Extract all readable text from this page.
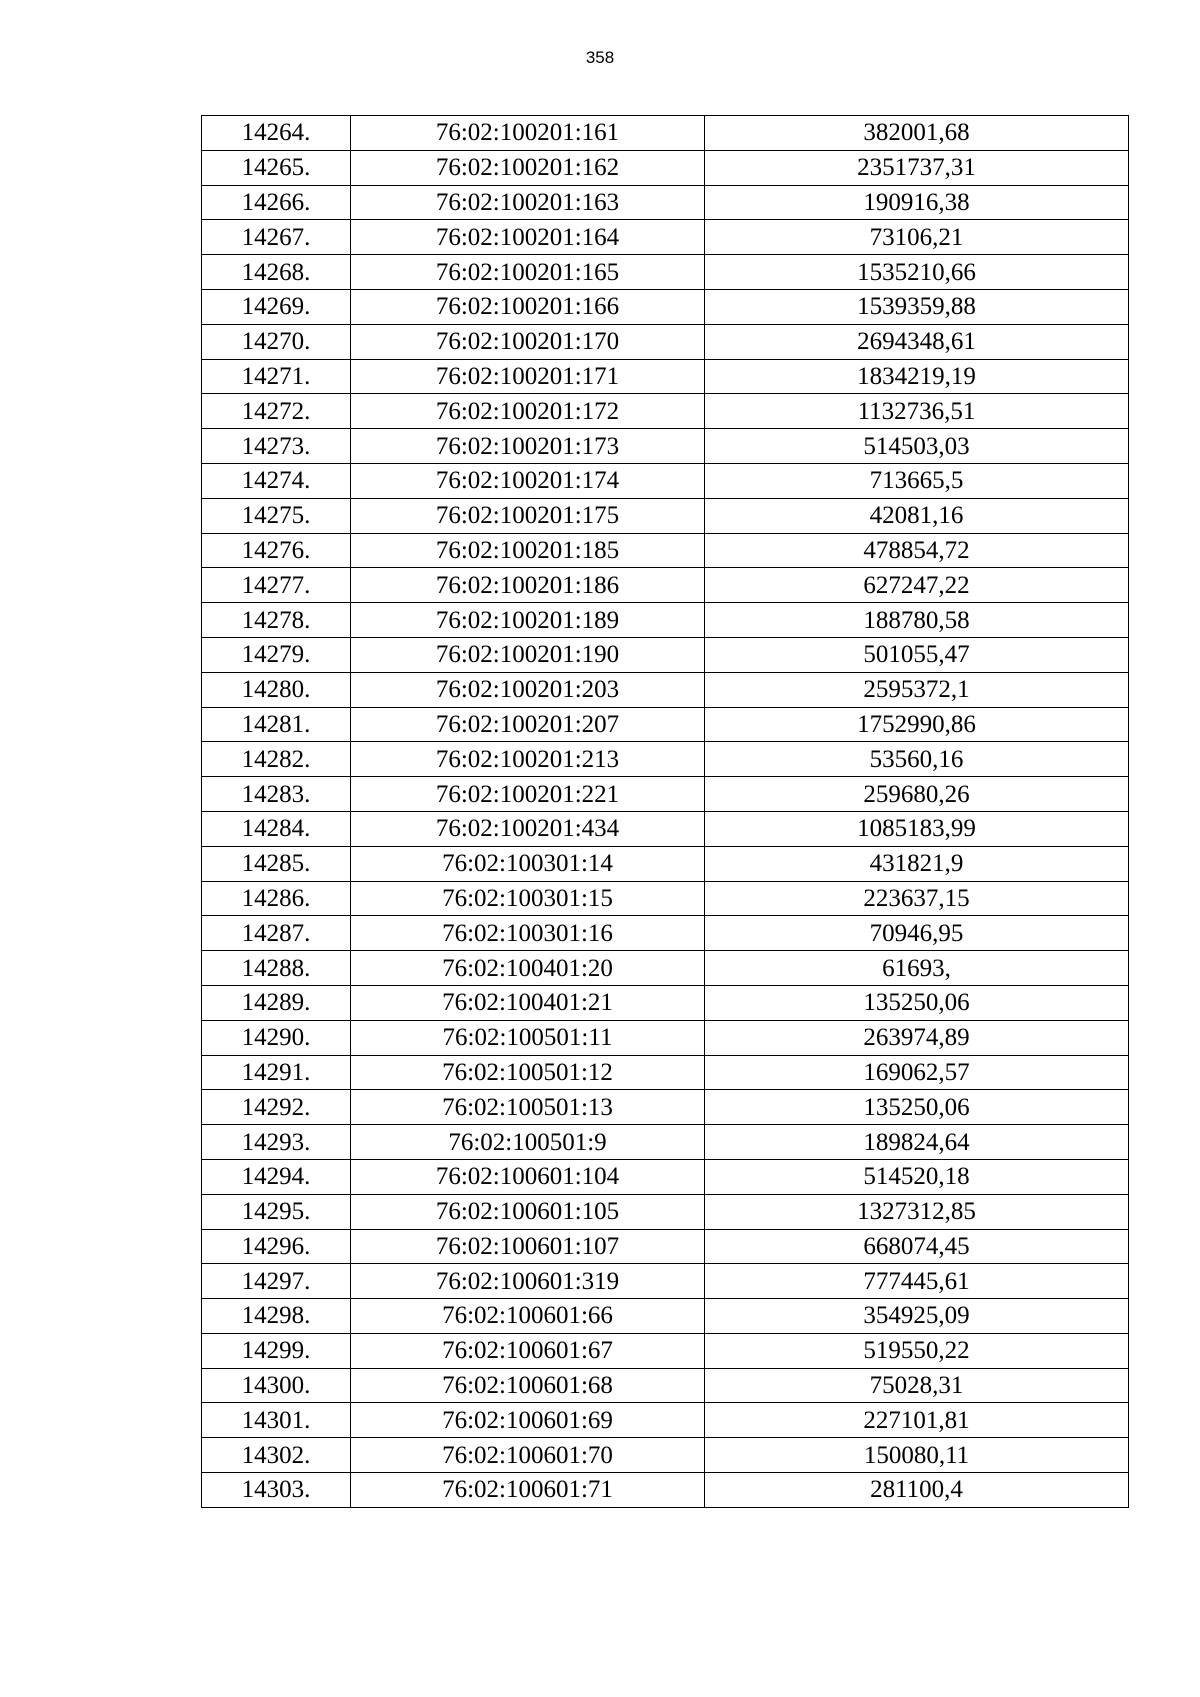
358
14264.	76:02:100201:161	382001,68
14265.	76:02:100201:162	2351737,31
14266.	76:02:100201:163	190916,38
14267.	76:02:100201:164	73106,21
14268.	76:02:100201:165	1535210,66
14269.	76:02:100201:166	1539359,88
14270.	76:02:100201:170	2694348,61
14271.	76:02:100201:171	1834219,19
14272.	76:02:100201:172	1132736,51
14273.	76:02:100201:173	514503,03
14274.	76:02:100201:174	713665,5
14275.	76:02:100201:175	42081,16
14276.	76:02:100201:185	478854,72
14277.	76:02:100201:186	627247,22
14278.	76:02:100201:189	188780,58
14279.	76:02:100201:190	501055,47
14280.	76:02:100201:203	2595372,1
14281.	76:02:100201:207	1752990,86
14282.	76:02:100201:213	53560,16
14283.	76:02:100201:221	259680,26
14284.	76:02:100201:434	1085183,99
14285.	76:02:100301:14	431821,9
14286.	76:02:100301:15	223637,15
14287.	76:02:100301:16	70946,95
14288.	76:02:100401:20	61693,
14289.	76:02:100401:21	135250,06
14290.	76:02:100501:11	263974,89
14291.	76:02:100501:12	169062,57
14292.	76:02:100501:13	135250,06
14293.	76:02:100501:9	189824,64
14294.	76:02:100601:104	514520,18
14295.	76:02:100601:105	1327312,85
14296.	76:02:100601:107	668074,45
14297.	76:02:100601:319	777445,61
14298.	76:02:100601:66	354925,09
14299.	76:02:100601:67	519550,22
14300.	76:02:100601:68	75028,31
14301.	76:02:100601:69	227101,81
14302.	76:02:100601:70	150080,11
14303.	76:02:100601:71	281100,4
